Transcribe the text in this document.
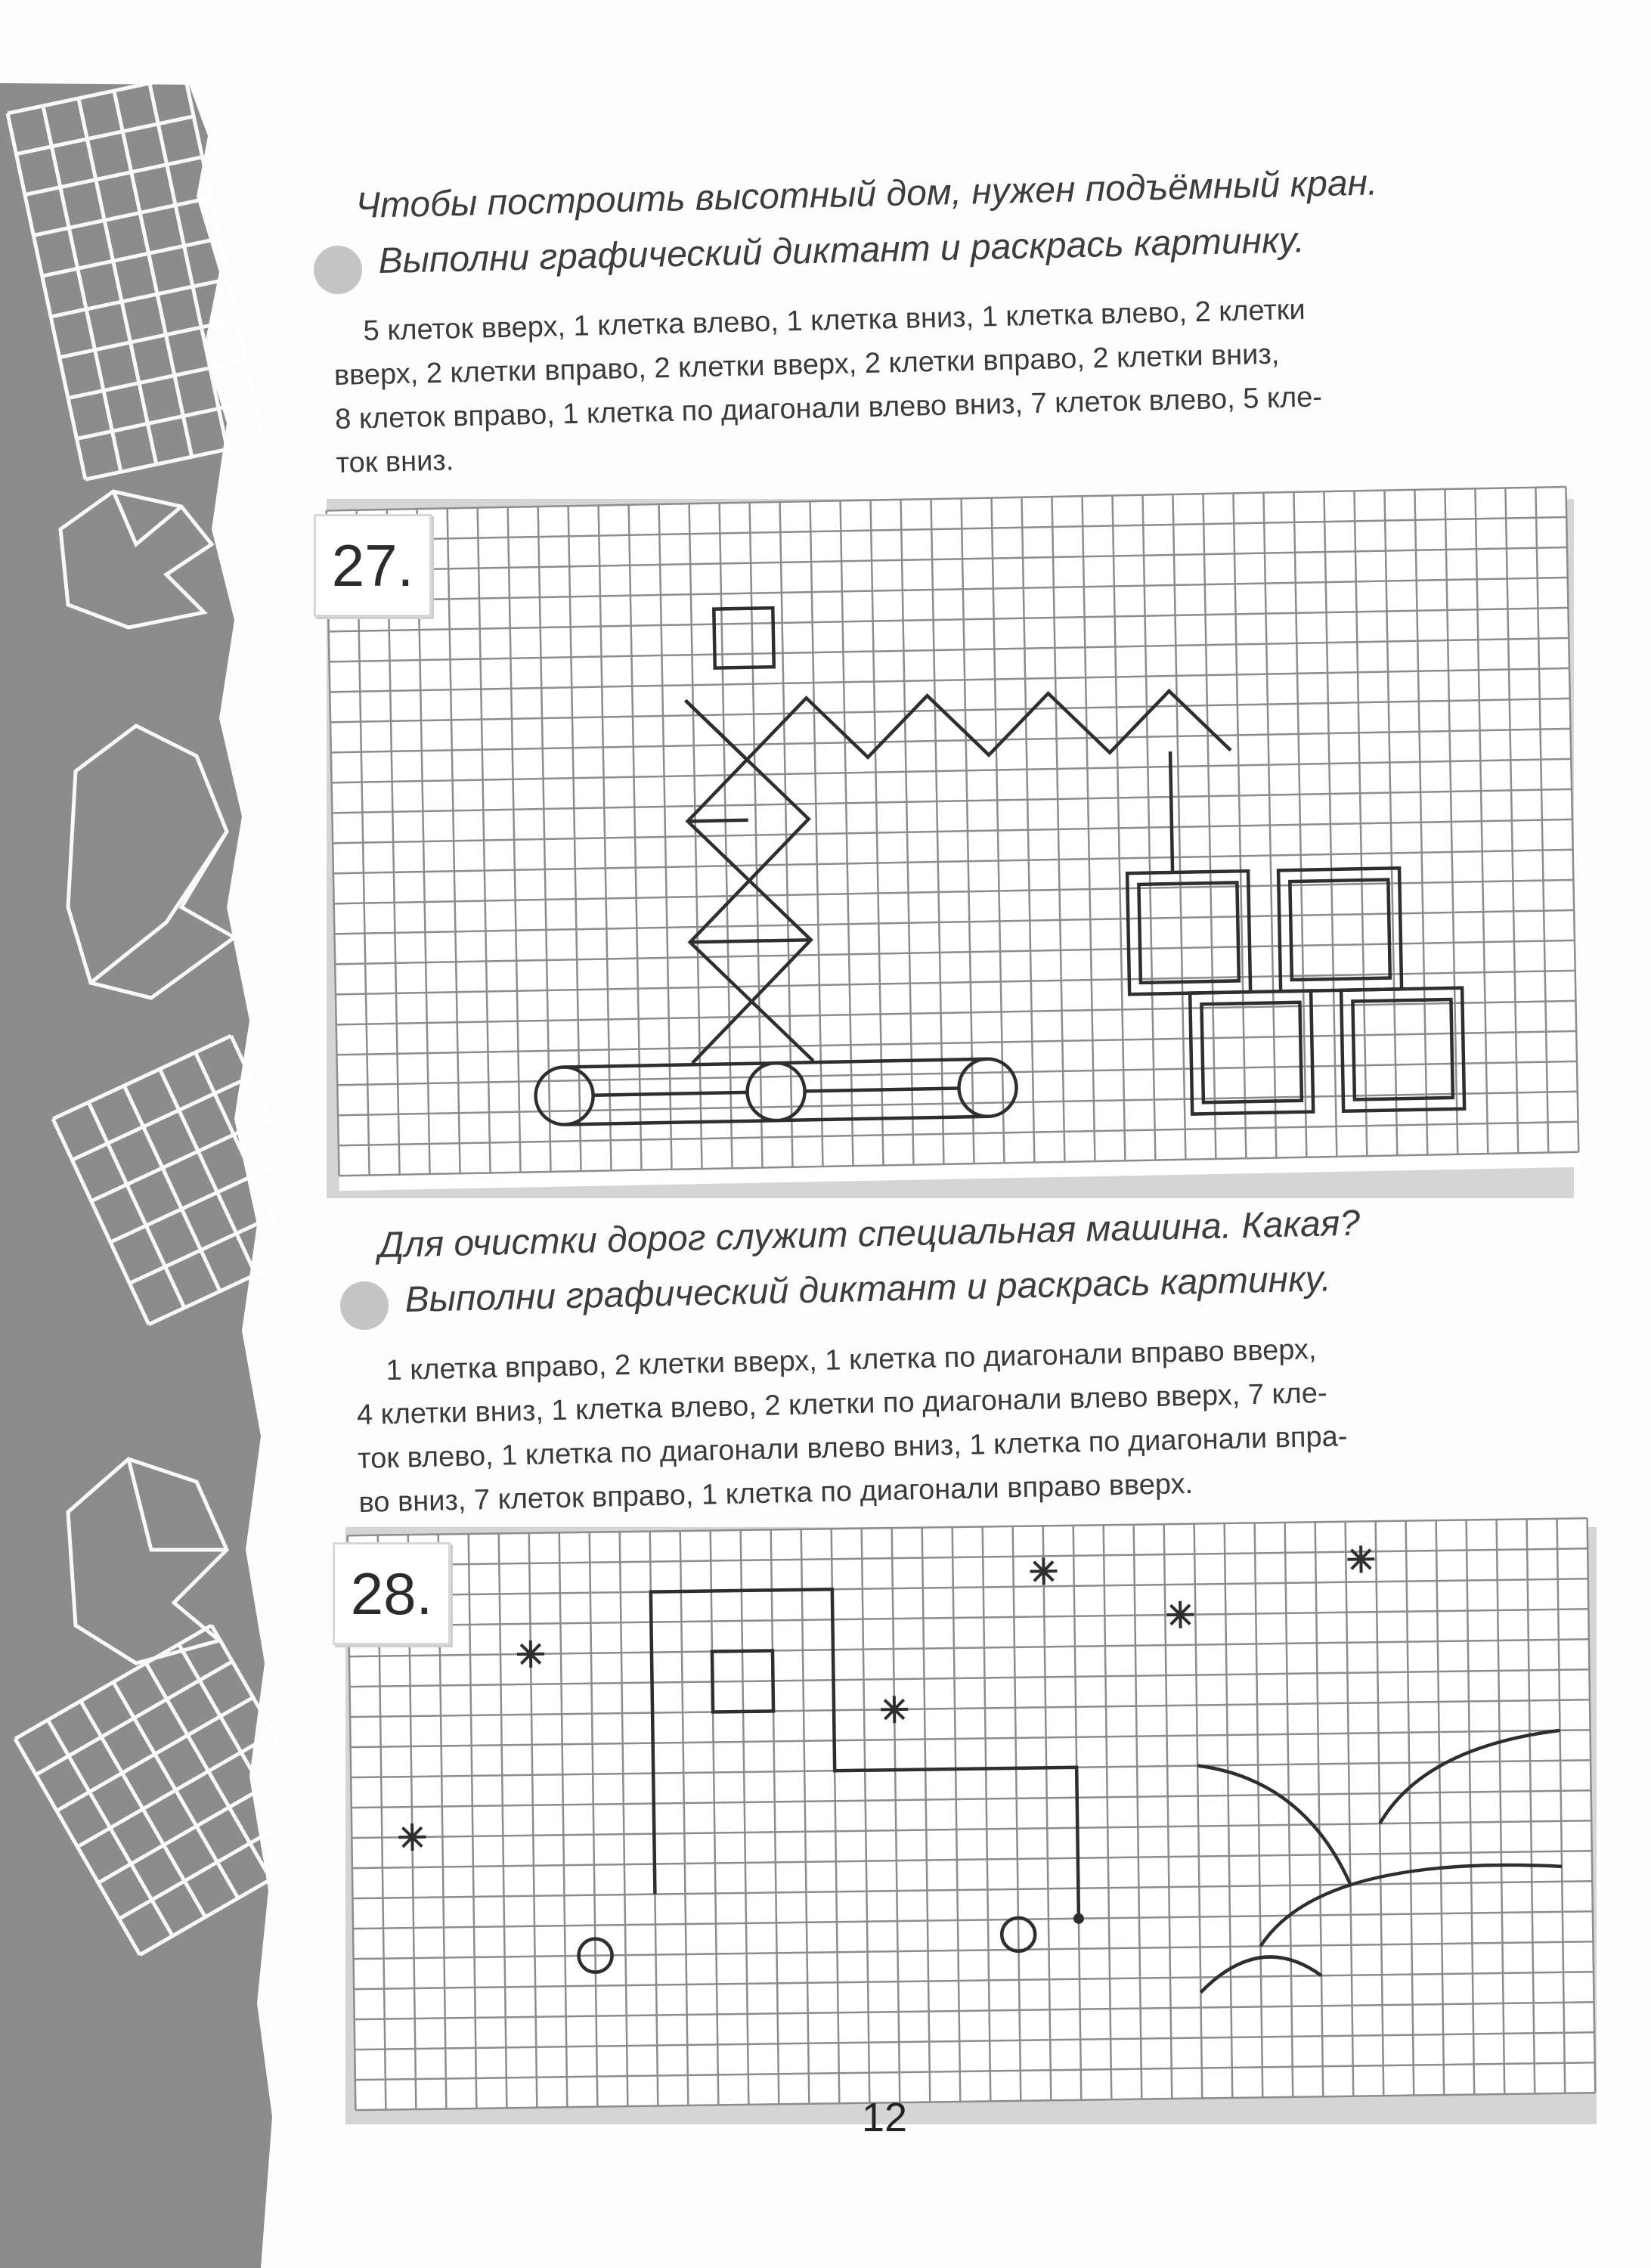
Чтобы построить высотный дом, нужен подъёмный кран.
Выполни графический диктант и раскрась картинку.
5 клеток вверх, 1 клетка влево, 1 клетка вниз, 1 клетка влево, 2 клетки
вверх, 2 клетки вправо, 2 клетки вверх, 2 клетки вправо, 2 клетки вниз,
8 клеток вправо, 1 клетка по диагонали влево вниз, 7 клеток влево, 5 кле-
ток вниз.
27.
Для очистки дорог служит специальная машина. Какая?
Выполни графический диктант и раскрась картинку.
1 клетка вправо, 2 клетки вверх, 1 клетка по диагонали вправо вверх,
4 клетки вниз, 1 клетка влево, 2 клетки по диагонали влево вверх, 7 кле-
ток влево, 1 клетка по диагонали влево вниз, 1 клетка по диагонали впра-
во вниз, 7 клеток вправо, 1 клетка по диагонали вправо вверх.
28.
12
